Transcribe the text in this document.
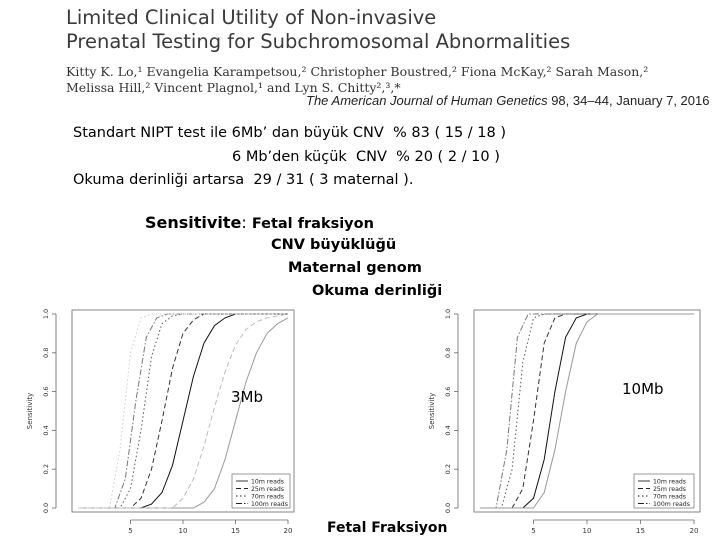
Limited Clinical Utility of Non-invasive
Prenatal Testing for Subchromosomal Abnormalities
Kitty K. Lo,¹ Evangelia Karampetsou,² Christopher Boustred,² Fiona McKay,² Sarah Mason,²
Melissa Hill,² Vincent Plagnol,¹ and Lyn S. Chitty²,³,*
The American Journal of Human Genetics 98, 34–44, January 7, 2016
Standart NIPT test ile 6Mb’ dan büyük CNV  % 83 ( 15 / 18 )
6 Mb’den küçük  CNV  % 20 ( 2 / 10 )
Okuma derinliği artarsa  29 / 31 ( 3 maternal ).
Sensitivite: Fetal fraksiyon
CNV büyüklüğü
Maternal genom
Okuma derinliği
0.0
0.2
0.4
0.6
0.8
1.0
Sensitivity
5	10	15	20
10m reads
25m reads
70m reads
100m reads	0.0
0.2
0.4
0.6
0.8
1.0
Sensitivity
5	10	15	20
10m reads
25m reads
70m reads
100m reads
3Mb	10Mb
Fetal Fraksiyon
